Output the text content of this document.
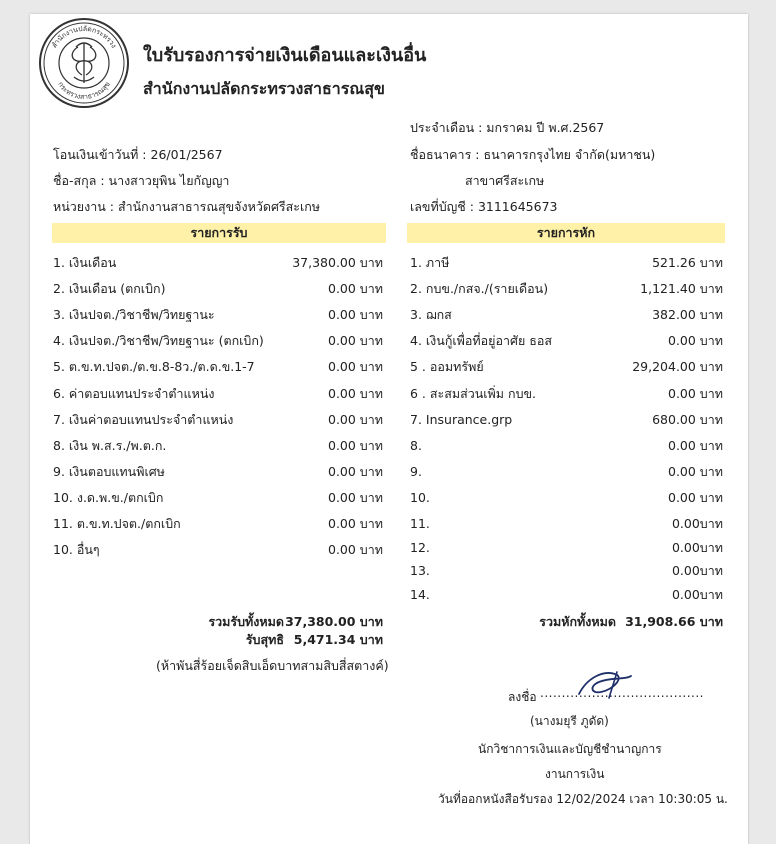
สำนักงานปลัดกระทรวง
กระทรวงสาธารณสุข
ใบรับรองการจ่ายเงินเดือนและเงินอื่น
สำนักงานปลัดกระทรวงสาธารณสุข
ประจำเดือน : มกราคม ปี พ.ศ.2567
โอนเงินเข้าวันที่ : 26/01/2567	ชื่อธนาคาร : ธนาคารกรุงไทย จำกัด(มหาชน)
ชื่อ-สกุล : นางสาวยุพิน ไยกัญญา	สาขาศรีสะเกษ
หน่วยงาน : สำนักงานสาธารณสุขจังหวัดศรีสะเกษ	เลขที่บัญชี : 3111645673
รายการรับ	รายการหัก
1. เงินเดือน	37,380.00 บาท
2. เงินเดือน (ตกเบิก)	0.00 บาท
3. เงินปจต./วิชาชีพ/วิทยฐานะ	0.00 บาท
4. เงินปจต./วิชาชีพ/วิทยฐานะ (ตกเบิก)	0.00 บาท
5. ต.ข.ท.ปจต./ต.ข.8-8ว./ต.ด.ข.1-7	0.00 บาท
6. ค่าตอบแทนประจำตำแหน่ง	0.00 บาท
7. เงินค่าตอบแทนประจำตำแหน่ง	0.00 บาท
8. เงิน พ.ส.ร./พ.ต.ก.	0.00 บาท
9. เงินตอบแทนพิเศษ	0.00 บาท
10. ง.ด.พ.ข./ตกเบิก	0.00 บาท
11. ต.ข.ท.ปจต./ตกเบิก	0.00 บาท
10. อื่นๆ	0.00 บาท
1. ภาษี	521.26 บาท
2. กบข./กสจ./(รายเดือน)	1,121.40 บาท
3. ฌกส	382.00 บาท
4. เงินกู้เพื่อที่อยู่อาศัย ธอส	0.00 บาท
5 . ออมทรัพย์	29,204.00 บาท
6 . สะสมส่วนเพิ่ม กบข.	0.00 บาท
7. Insurance.grp	680.00 บาท
8.	0.00 บาท
9.	0.00 บาท
10.	0.00 บาท
11.	0.00บาท
12.	0.00บาท
13.	0.00บาท
14.	0.00บาท
รวมรับทั้งหมด 37,380.00 บาท
รับสุทธิ 5,471.34 บาท
(ห้าพันสี่ร้อยเจ็ดสิบเอ็ดบาทสามสิบสี่สตางค์)
รวมหักทั้งหมด 31,908.66 บาท
ลงชื่อ ......................................
(นางมยุรี ภูดัด)
นักวิชาการเงินและบัญชีชำนาญการ
งานการเงิน
วันที่ออกหนังสือรับรอง 12/02/2024 เวลา 10:30:05 น.
